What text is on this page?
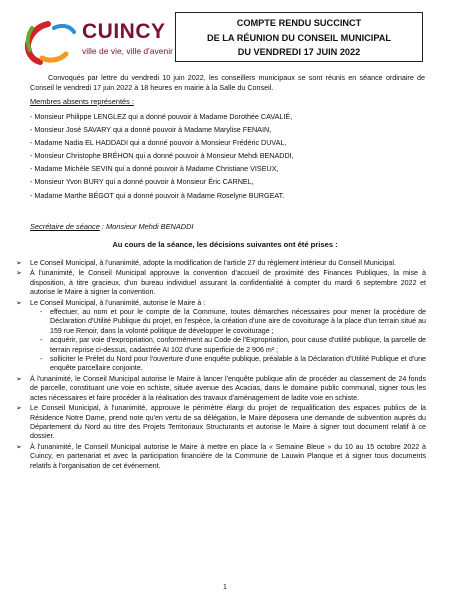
CUINCY
ville de vie, ville d'avenir
COMPTE RENDU SUCCINCT
DE LA RÉUNION DU CONSEIL MUNICIPAL
DU VENDREDI 17 JUIN 2022

Convoqués par lettre du vendredi 10 juin 2022, les conseillers municipaux se sont réunis en séance ordinaire de Conseil le vendredi 17 juin 2022 à 18 heures en mairie à la Salle du Conseil.

Membres absents représentés :
- Monsieur Philippe LENGLEZ qui a donné pouvoir à Madame Dorothée CAVALIÉ,
- Monsieur José SAVARY qui a donné pouvoir à Madame Marylise FENAIN,
- Madame Nadia EL HADDADI qui a donné pouvoir à Monsieur Frédéric DUVAL,
- Monsieur Christophe BRÉHON qui a donné pouvoir à Monsieur Mehdi BENADDI,
- Madame Michèle SEVIN qui a donné pouvoir à Madame Christiane VISEUX,
- Monsieur Yvon BURY qui a donné pouvoir à Monsieur Éric CARNEL,
- Madame Marthe BÉGOT qui a donné pouvoir à Madame Roselyne BURGEAT.
Secrétaire de séance : Monsieur Mehdi BENADDI
Au cours de la séance, les décisions suivantes ont été prises :
➢ Le Conseil Municipal, à l'unanimité, adopte la modification de l'article 27 du règlement intérieur du Conseil Municipal.

➢ À l'unanimité, le Conseil Municipal approuve la convention d'accueil de proximité des Finances Publiques, la mise à disposition, à titre gracieux, d'un bureau individuel assurant la confidentialité à compter du mardi 6 septembre 2022 et autorise le Maire à signer la convention.

➢ Le Conseil Municipal, à l'unanimité, autorise le Maire à :

- effectuer, au nom et pour le compte de la Commune, toutes démarches nécessaires pour mener la procédure de Déclaration d'Utilité Publique du projet, en l'espèce, la création d'une aire de covoiturage à la place d'un terrain situé au 159 rue Renoir, dans la volonté politique de développer le covoiturage ;

- acquérir, par voie d'expropriation, conformément au Code de l'Expropriation, pour cause d'utilité publique, la parcelle de terrain reprise ci-dessus, cadastrée AI 102 d'une superficie de 2 906 m² ;

- solliciter le Préfet du Nord pour l'ouverture d'une enquête publique, préalable à la Déclaration d'Utilité Publique et d'une enquête parcellaire conjointe.

➢ À l'unanimité, le Conseil Municipal autorise le Maire à lancer l'enquête publique afin de procéder au classement de 24 fonds de parcelle, constituant une voie en schiste, située avenue des Acacias, dans le domaine public communal, signer tous les actes nécessaires et faire procéder à la réalisation des travaux d'aménagement de ladite voie en schiste.

➢ Le Conseil Municipal, à l'unanimité, approuve le périmètre élargi du projet de requalification des espaces publics de la Résidence Notre Dame, prend note qu'en vertu de sa délégation, le Maire déposera une demande de subvention auprès du Département du Nord au titre des Projets Territoriaux Structurants et autorise le Maire à signer tout document relatif à ce dossier.

➢ À l'unanimité, le Conseil Municipal autorise le Maire à mettre en place la « Semaine Bleue » du 10 au 15 octobre 2022 à Cuincy, en partenariat et avec la participation financière de la Commune de Lauwin Planque et à signer tous documents relatifs à l'organisation de cet événement.

1
